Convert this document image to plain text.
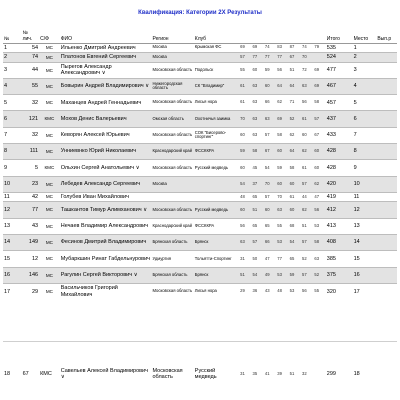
Квалификация: Категории 2Х Результаты
№	№ лич.	С/Ф	ФИО	Регион	Клуб								Итого	Место	Вып.р
1	54	МС	Ильенко Дмитрий Андреевич	Москва	Крымская ФС	69	69	74	83	87	74	79	535	1	
2	74	МС	Платонов Евгений Сергеевич	Москва		57	77	77	77	67	70		524	2	
3	44	МС	Пырегов Александр Александрович ∨	Московская область	Подольск	55	60	59	56	51	72	69	477	3	
4	55	МС	Бовырин Андрей Владимирович ∨	Нижегородская область	СК "Владимир"	61	63	60	64	64	63	69	467	4	
5	32	МС	Маханцев Андрей Геннадьевич	Московская область	Лисья нора	61	63	66	62	71	56	58	457	5	
6	121	КМС	Мохов Денис Валерьевич	Омская область	Охотничья заимка	70	63	63	69	52	61	57	437	6	
7	32	МС	Кеворян Алексей Юрьевич	Московская область	СОК "Бисерово-спортинг"	60	63	57	58	62	60	67	433	7	
8	111	МС	Унниевнко Юрий Николаевич	Краснодарский край	ФССККРА	59	58	67	60	64	62	60	428	8	
9	5	КМС	Ольхин Сергей Анатольевич ∨	Московская область	Русский медведь	60	45	54	59	58	61	60	428	9	
10	23	МС	Лебедев Александр Сергеевич	Москва		54	37	70	60	60	57	62	420	10	
11	42	МС	Голубев Иван Михайлович			48	65	57	70	61	44	47	419	11	
12	77	МС	Ташкантов Тимур Алимханович ∨	Московская область	Русский медведь	60	51	60	63	60	62	56	412	12	
13	43	МС	Нечаев Владимир Александрович	Краснодарский край	ФССККРА	56	65	65	55	68	51	53	413	13	
14	149	МС	Фесинов Дмитрий Владимирович	Брянская область	Брянск	63	57	66	53	54	57	58	408	14	
15	12	МС	Мубаркшин Ринат Габдельнурович	Удмуртия	Тольятти-Спортинг	31	50	47	77	65	52	63	385	15	
16	146	МС	Рагулин Сергей Викторович ∨	Брянская область	Брянск	51	54	49	53	59	57	52	375	16	
17	29	МС	Васильчиков Григорий Михайлович	Московская область	Лисья нора	29	36	43	48	53	56	55	320	17	
18	67	КМС	Савельев Алексей Владимирович ∨	Московская область	Русский медведь	31	35	41	39	51	32		299	18	
